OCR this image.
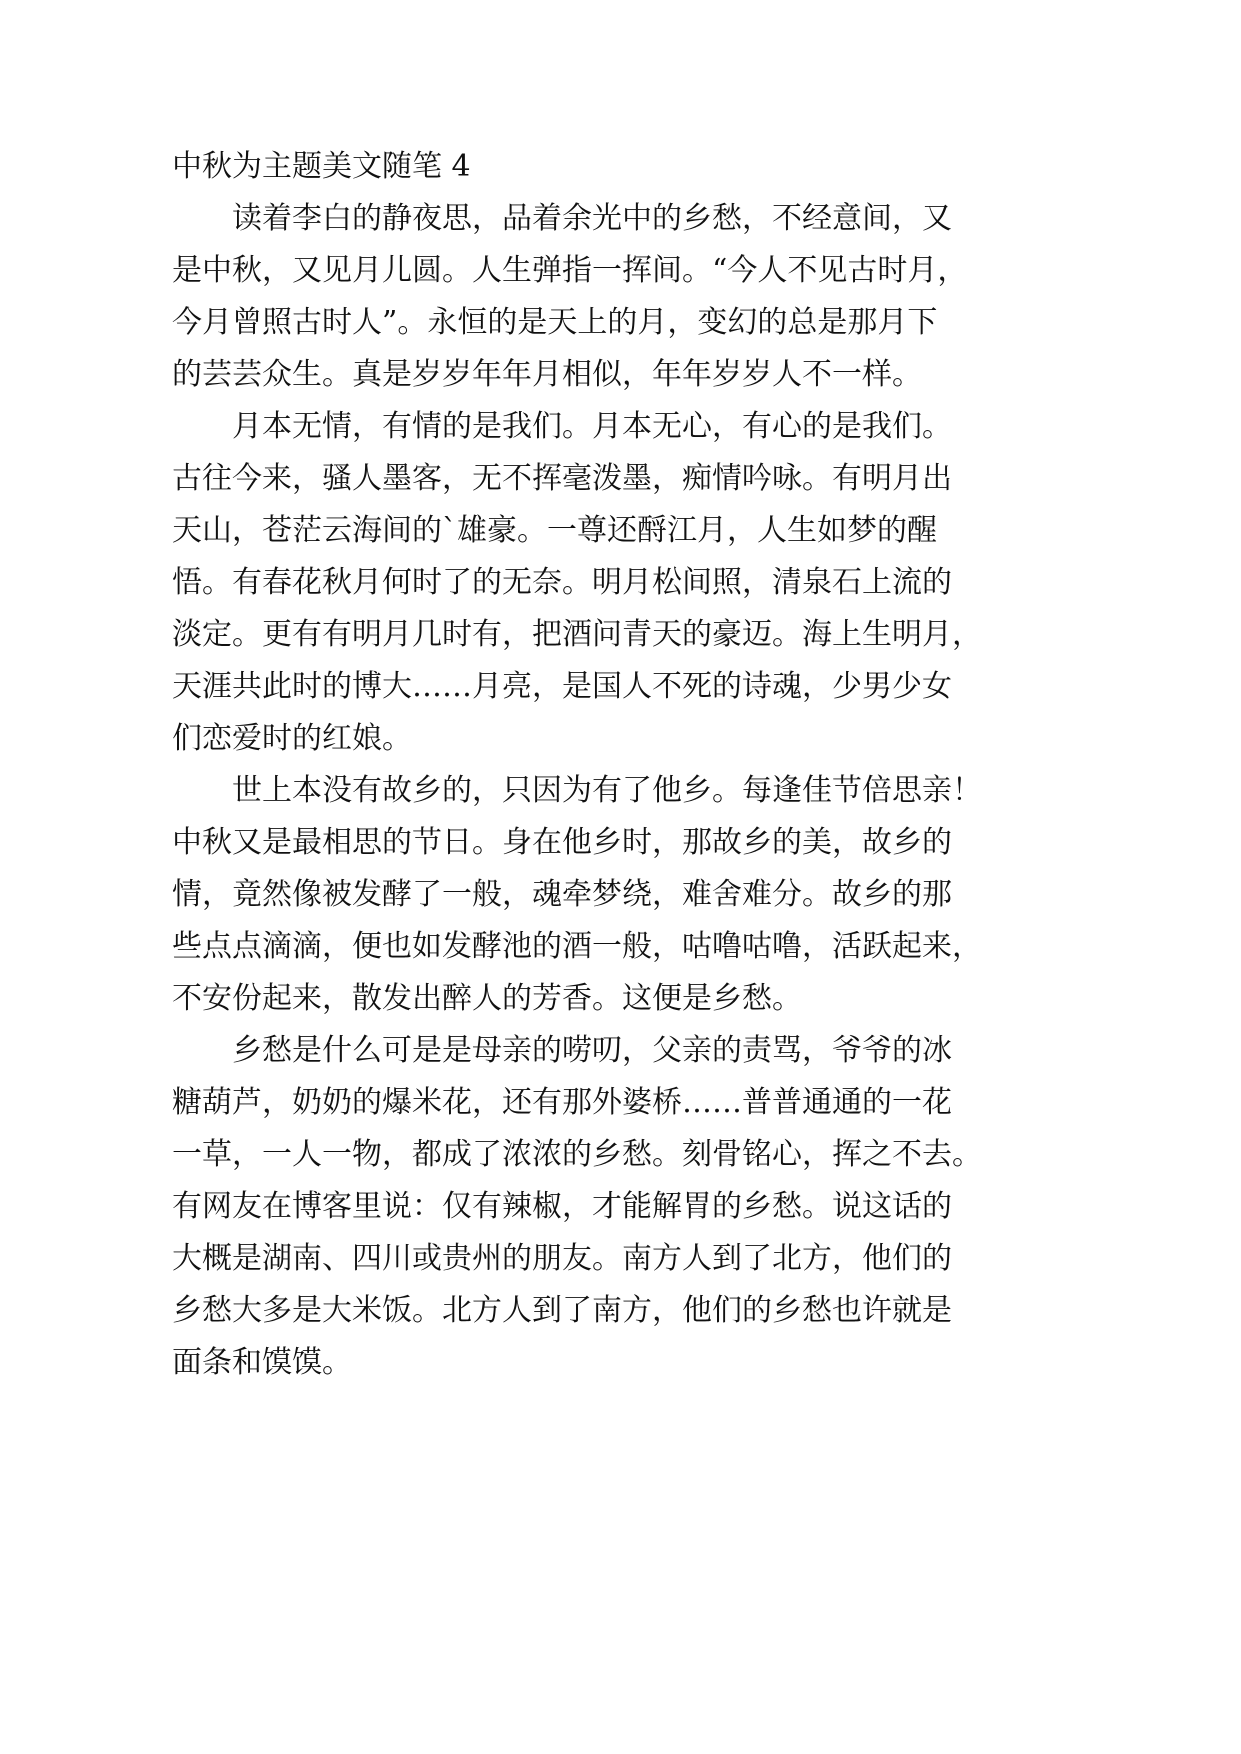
中秋为主题美文随笔 4
读着李白的静夜思，品着余光中的乡愁，不经意间，又
是中秋，又见月儿圆。人生弹指一挥间。“今人不见古时月，
今月曾照古时人”。永恒的是天上的月，变幻的总是那月下
的芸芸众生。真是岁岁年年月相似，年年岁岁人不一样。
月本无情，有情的是我们。月本无心，有心的是我们。
古往今来，骚人墨客，无不挥毫泼墨，痴情吟咏。有明月出
天山，苍茫云海间的`雄豪。一尊还酹江月，人生如梦的醒
悟。有春花秋月何时了的无奈。明月松间照，清泉石上流的
淡定。更有有明月几时有，把酒问青天的豪迈。海上生明月，
天涯共此时的博大……月亮，是国人不死的诗魂，少男少女
们恋爱时的红娘。
世上本没有故乡的，只因为有了他乡。每逢佳节倍思亲！
中秋又是最相思的节日。身在他乡时，那故乡的美，故乡的
情，竟然像被发酵了一般，魂牵梦绕，难舍难分。故乡的那
些点点滴滴，便也如发酵池的酒一般，咕噜咕噜，活跃起来，
不安份起来，散发出醉人的芳香。这便是乡愁。
乡愁是什么可是是母亲的唠叨，父亲的责骂，爷爷的冰
糖葫芦，奶奶的爆米花，还有那外婆桥……普普通通的一花
一草，一人一物，都成了浓浓的乡愁。刻骨铭心，挥之不去。
有网友在博客里说：仅有辣椒，才能解胃的乡愁。说这话的
大概是湖南、四川或贵州的朋友。南方人到了北方，他们的
乡愁大多是大米饭。北方人到了南方，他们的乡愁也许就是
面条和馍馍。
